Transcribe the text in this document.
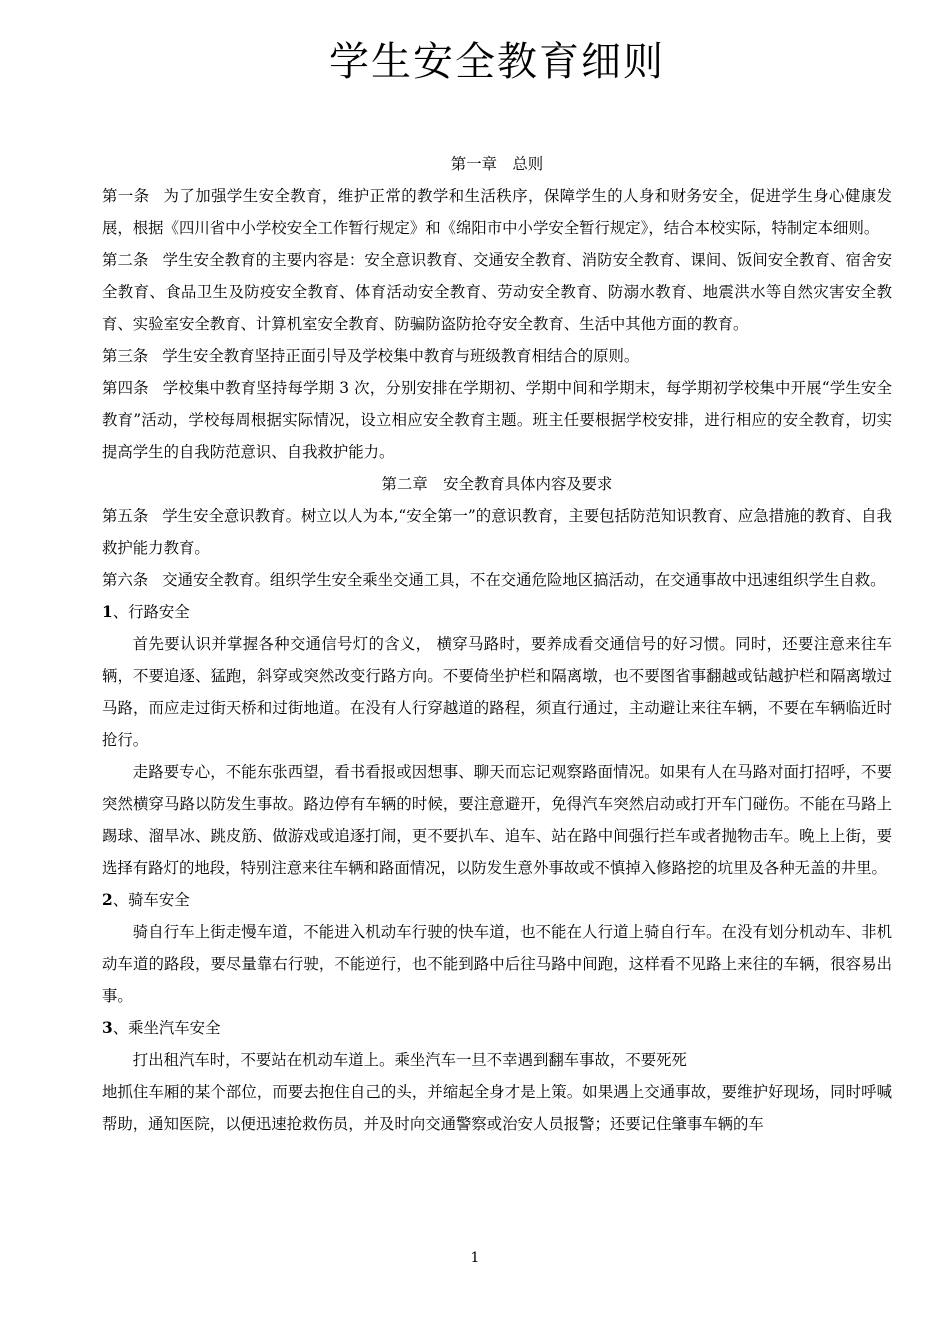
学生安全教育细则

第一章　 总则

第一条 为了加强学生安全教育，维护正常的教学和生活秩序，保障学生的人身和财务安全，促进学生身心健康发展，根据《四川省中小学校安全工作暂行规定》和《绵阳市中小学安全暂行规定》，结合本校实际，特制定本细则。

第二条 学生安全教育的主要内容是：安全意识教育、交通安全教育、消防安全教育、课间、饭间安全教育、宿舍安全教育、食品卫生及防疫安全教育、体育活动安全教育、劳动安全教育、防溺水教育、地震洪水等自然灾害安全教育、实验室安全教育、计算机室安全教育、防骗防盗防抢夺安全教育、生活中其他方面的教育。

第三条 学生安全教育坚持正面引导及学校集中教育与班级教育相结合的原则。

第四条 学校集中教育坚持每学期 3 次，分别安排在学期初、学期中间和学期末，每学期初学校集中开展“学生安全教育”活动，学校每周根据实际情况，设立相应安全教育主题。班主任要根据学校安排，进行相应的安全教育，切实提高学生的自我防范意识、自我救护能力。

第二章　 安全教育具体内容及要求

第五条 学生安全意识教育。树立以人为本,“安全第一”的意识教育，主要包括防范知识教育、应急措施的教育、自我救护能力教育。

第六条 交通安全教育。组织学生安全乘坐交通工具，不在交通危险地区搞活动，在交通事故中迅速组织学生自救。

1、行路安全

首先要认识并掌握各种交通信号灯的含义， 横穿马路时，要养成看交通信号的好习惯。同时，还要注意来往车辆，不要追逐、猛跑，斜穿或突然改变行路方向。不要倚坐护栏和隔离墩，也不要图省事翻越或钻越护栏和隔离墩过马路，而应走过街天桥和过街地道。在没有人行穿越道的路程，须直行通过，主动避让来往车辆，不要在车辆临近时抢行。

走路要专心，不能东张西望，看书看报或因想事、聊天而忘记观察路面情况。如果有人在马路对面打招呼，不要突然横穿马路以防发生事故。路边停有车辆的时候，要注意避开，免得汽车突然启动或打开车门碰伤。不能在马路上踢球、溜旱冰、跳皮筋、做游戏或追逐打闹，更不要扒车、追车、站在路中间强行拦车或者抛物击车。晚上上街，要选择有路灯的地段，特别注意来往车辆和路面情况，以防发生意外事故或不慎掉入修路挖的坑里及各种无盖的井里。

2、骑车安全

骑自行车上街走慢车道，不能进入机动车行驶的快车道，也不能在人行道上骑自行车。在没有划分机动车、非机动车道的路段，要尽量靠右行驶，不能逆行，也不能到路中后往马路中间跑，这样看不见路上来往的车辆，很容易出事。

3、乘坐汽车安全

打出租汽车时，不要站在机动车道上。乘坐汽车一旦不幸遇到翻车事故，不要死死

地抓住车厢的某个部位，而要去抱住自己的头，并缩起全身才是上策。如果遇上交通事故，要维护好现场，同时呼喊帮助，通知医院，以便迅速抢救伤员，并及时向交通警察或治安人员报警；还要记住肇事车辆的车

1
